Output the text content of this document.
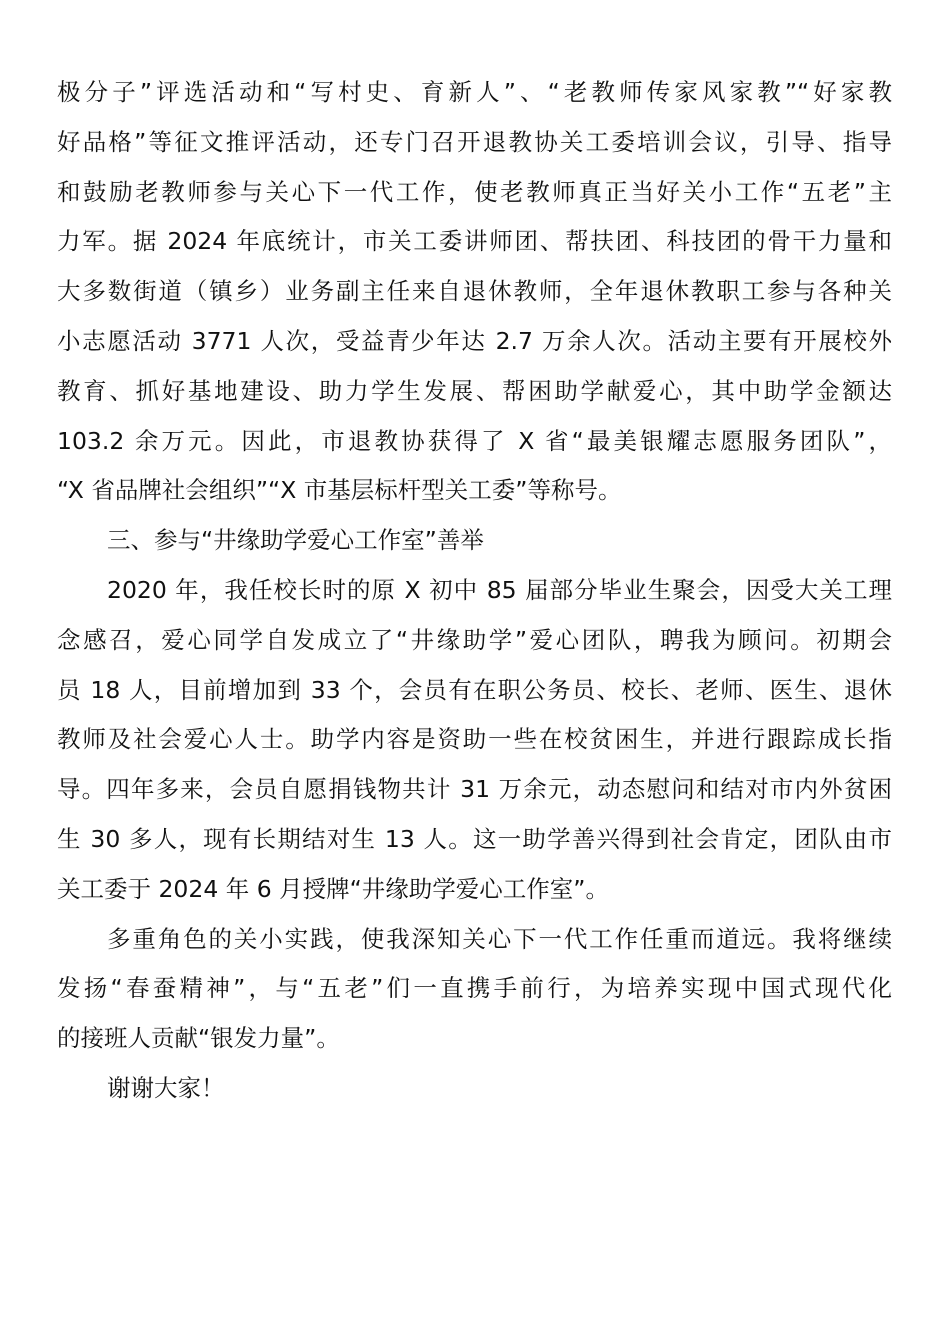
极分子”评选活动和“写村史、育新人”、“老教师传家风家教”“好家教
好品格”等征文推评活动，还专门召开退教协关工委培训会议，引导、指导
和鼓励老教师参与关心下一代工作，使老教师真正当好关小工作“五老”主
力军。据 2024 年底统计，市关工委讲师团、帮扶团、科技团的骨干力量和
大多数街道（镇乡）业务副主任来自退休教师，全年退休教职工参与各种关
小志愿活动 3771 人次，受益青少年达 2.7 万余人次。活动主要有开展校外
教育、抓好基地建设、助力学生发展、帮困助学献爱心，其中助学金额达
103.2 余万元。因此，市退教协获得了 X 省“最美银耀志愿服务团队”，
“X 省品牌社会组织”“X 市基层标杆型关工委”等称号。
三、参与“井缘助学爱心工作室”善举
2020 年，我任校长时的原 X 初中 85 届部分毕业生聚会，因受大关工理
念感召，爱心同学自发成立了“井缘助学”爱心团队，聘我为顾问。初期会
员 18 人，目前增加到 33 个，会员有在职公务员、校长、老师、医生、退休
教师及社会爱心人士。助学内容是资助一些在校贫困生，并进行跟踪成长指
导。四年多来，会员自愿捐钱物共计 31 万余元，动态慰问和结对市内外贫困
生 30 多人，现有长期结对生 13 人。这一助学善兴得到社会肯定，团队由市
关工委于 2024 年 6 月授牌“井缘助学爱心工作室”。
多重角色的关小实践，使我深知关心下一代工作任重而道远。我将继续
发扬“春蚕精神”，与“五老”们一直携手前行，为培养实现中国式现代化
的接班人贡献“银发力量”。
谢谢大家！
